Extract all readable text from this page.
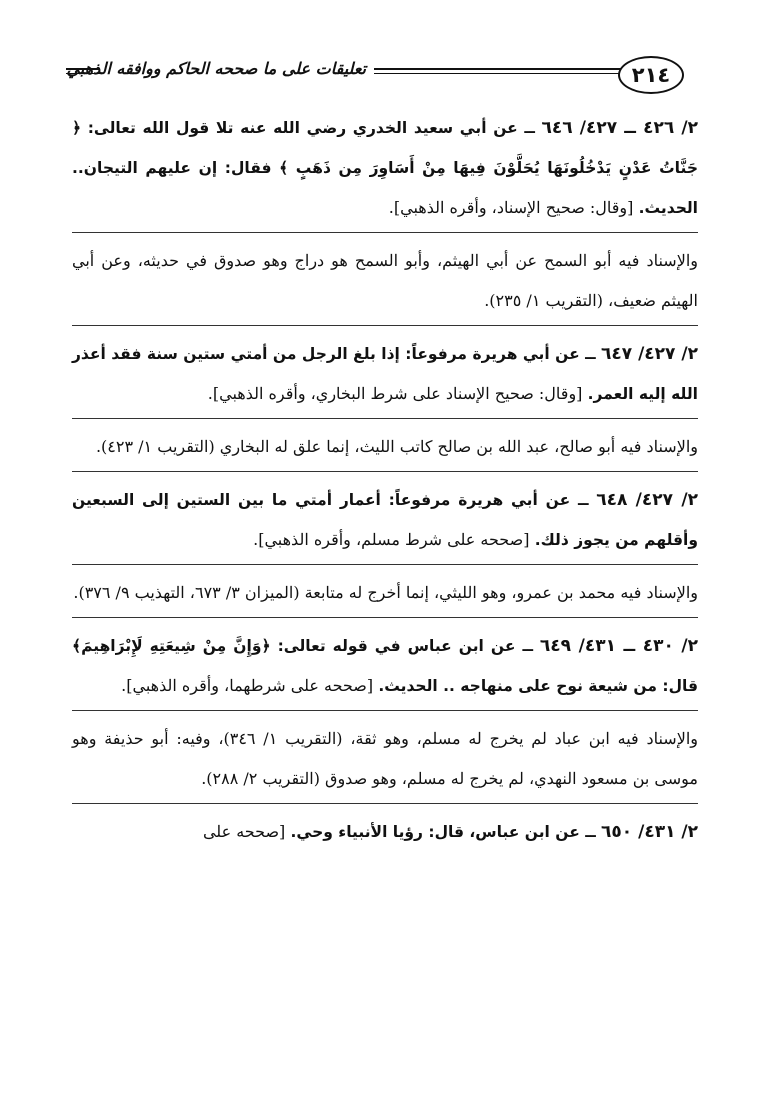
٢١٤
تعليقات على ما صححه الحاكم ووافقه الذهبي

٢/ ٤٢٦ ــ ٤٢٧/ ٦٤٦ ــ عن أبي سعيد الخدري رضي الله عنه تلا قول الله تعالى: ﴿ جَنَّاتُ عَدْنٍ يَدْخُلُونَهَا يُحَلَّوْنَ فِيهَا مِنْ أَسَاوِرَ مِن ذَهَبٍ ﴾ فقال: إن عليهم التيجان.. الحديث. [وقال: صحيح الإسناد، وأقره الذهبي].

والإسناد فيه أبو السمح عن أبي الهيثم، وأبو السمح هو دراج وهو صدوق في حديثه، وعن أبي الهيثم ضعيف، (التقريب ١/ ٢٣٥).

٢/ ٤٢٧/ ٦٤٧ ــ عن أبي هريرة مرفوعاً: إذا بلغ الرجل من أمتي ستين سنة فقد أعذر الله إليه العمر. [وقال: صحيح الإسناد على شرط البخاري، وأقره الذهبي].

والإسناد فيه أبو صالح، عبد الله بن صالح كاتب الليث، إنما علق له البخاري (التقريب ١/ ٤٢٣).

٢/ ٤٢٧/ ٦٤٨ ــ عن أبي هريرة مرفوعاً: أعمار أمتي ما بين الستين إلى السبعين وأقلهم من يجوز ذلك. [صححه على شرط مسلم، وأقره الذهبي].

والإسناد فيه محمد بن عمرو، وهو الليثي، إنما أخرج له متابعة (الميزان ٣/ ٦٧٣، التهذيب ٩/ ٣٧٦).

٢/ ٤٣٠ ــ ٤٣١/ ٦٤٩ ــ عن ابن عباس في قوله تعالى: ﴿وَإِنَّ مِنْ شِيعَتِهِ لَإِبْرَاهِيمَ﴾ قال: من شيعة نوح على منهاجه .. الحديث. [صححه على شرطهما، وأقره الذهبي].

والإسناد فيه ابن عباد لم يخرج له مسلم، وهو ثقة، (التقريب ١/ ٣٤٦)، وفيه: أبو حذيفة وهو موسى بن مسعود النهدي، لم يخرج له مسلم، وهو صدوق (التقريب ٢/ ٢٨٨).

٢/ ٤٣١/ ٦٥٠ ــ عن ابن عباس، قال: رؤيا الأنبياء وحي. [صححه على
